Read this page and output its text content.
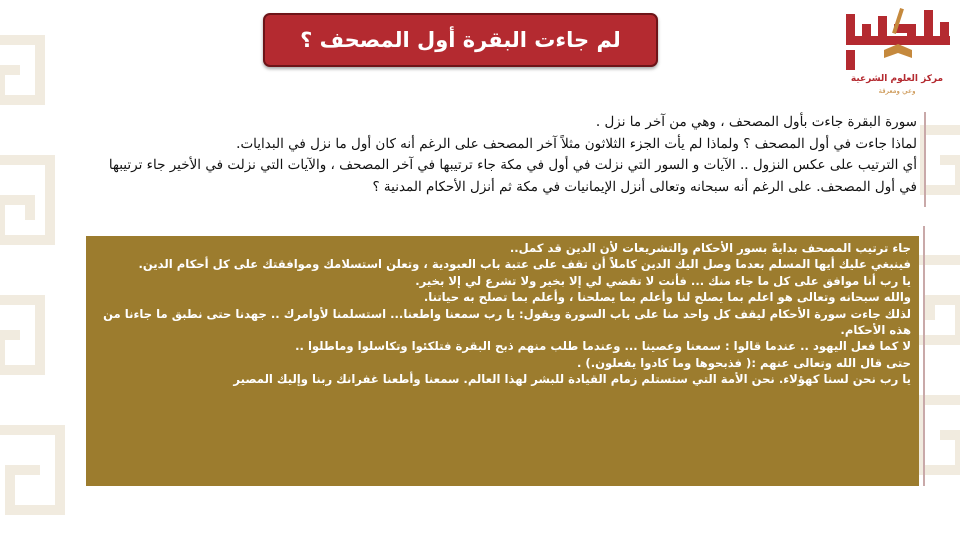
لم جاءت البقرة أول المصحف ؟
مركز العلوم الشرعية
وعي ومعرفة
سورة البقرة جاءت بأول المصحف ، وهي من آخر ما نزل .
لماذا جاءت في أول المصحف ؟ ولماذا لم يأت الجزء الثلاثون مثلاً آخر المصحف على الرغم أنه كان أول ما نزل في البدايات.
أي الترتيب على عكس النزول .. الآيات و السور التي نزلت في أول في مكة جاء ترتيبها في آخر المصحف ، والآيات التي نزلت في الأخير جاء ترتيبها في أول المصحف. على الرغم أنه سبحانه وتعالى أنزل الإيمانيات في مكة ثم أنزل الأحكام المدنية ؟
جاء ترتيب المصحف بدايةً بسور الأحكام والتشريعات لأن الدين قد كمل..
فينبغي عليك أيها المسلم بعدما وصل اليك الدين كاملاً أن تقف على عتبة باب العبودية ، وتعلن استسلامك وموافقتك على كل أحكام الدين.
يا رب أنا موافق على كل ما جاء منك ... فأنت لا تقضي لي إلا بخير ولا تشرع لي إلا بخير.
والله سبحانه وتعالى هو اعلم بما يصلح لنا وأعلم بما يصلحنا ، وأعلم بما تصلح به حياتنا.
لذلك جاءت سورة الأحكام ليقف كل واحد منا على باب السورة ويقول: يا رب سمعنا واطعنا... استسلمنا لأوامرك .. جهدنا حتى نطبق ما جاءنا من هذه الأحكام.
لا كما فعل اليهود .. عندما قالوا : سمعنا وعصينا ... وعندما طلب منهم ذبح البقرة فتلكئوا وتكاسلوا وماطلوا ..
حتى قال الله وتعالى عنهم :( فذبحوها وما كادوا يفعلون.) .
يا رب نحن لسنا كهؤلاء. نحن الأمة التي ستستلم زمام القيادة للبشر لهذا العالم. سمعنا وأطعنا غفرانك ربنا وإليك المصير
